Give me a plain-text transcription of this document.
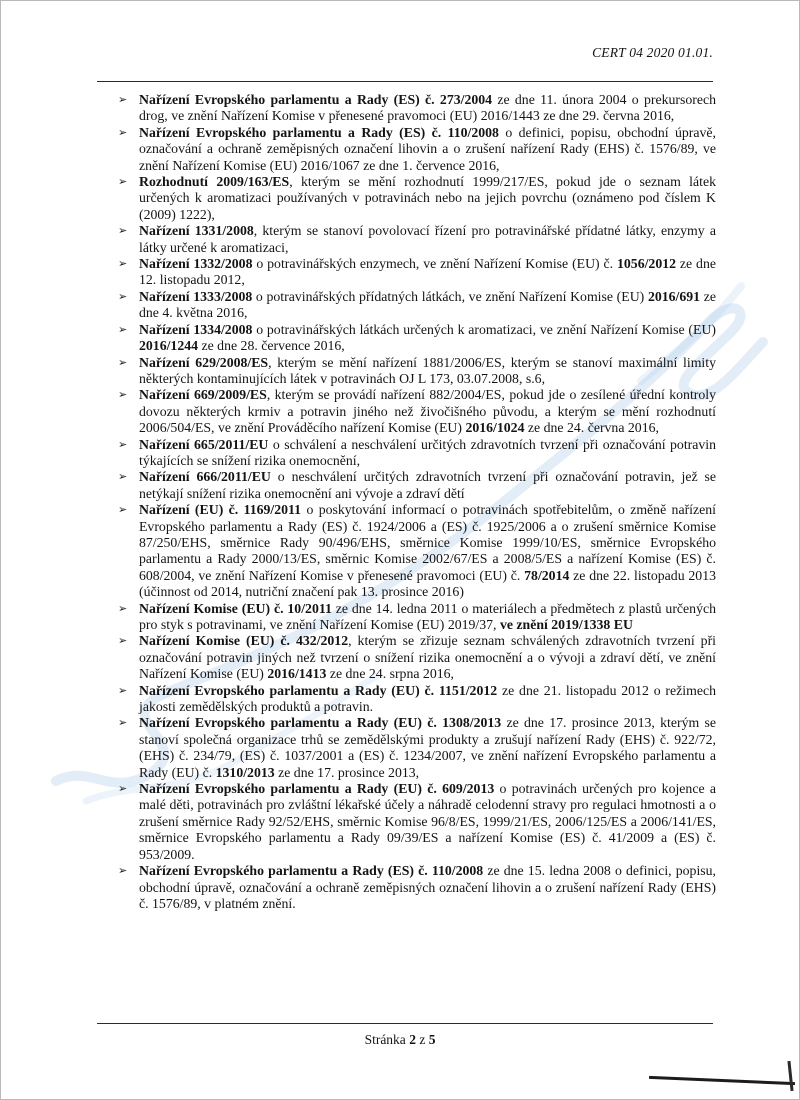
CERT 04 2020 01.01.
➢ Nařízení Evropského parlamentu a Rady (ES) č. 273/2004 ze dne 11. února 2004 o prekursorech drog, ve znění Nařízení Komise v přenesené pravomoci (EU) 2016/1443 ze dne 29. června 2016,
➢ Nařízení Evropského parlamentu a Rady (ES) č. 110/2008 o definici, popisu, obchodní úpravě, označování a ochraně zeměpisných označení lihovin a o zrušení nařízení Rady (EHS) č. 1576/89, ve znění Nařízení Komise (EU) 2016/1067 ze dne 1. července 2016,
➢ Rozhodnutí 2009/163/ES, kterým se mění rozhodnutí 1999/217/ES, pokud jde o seznam látek určených k aromatizaci používaných v potravinách nebo na jejich povrchu (oznámeno pod číslem K (2009) 1222),
➢ Nařízení 1331/2008, kterým se stanoví povolovací řízení pro potravinářské přídatné látky, enzymy a látky určené k aromatizaci,
➢ Nařízení 1332/2008 o potravinářských enzymech, ve znění Nařízení Komise (EU) č. 1056/2012 ze dne 12. listopadu 2012,
➢ Nařízení 1333/2008 o potravinářských přídatných látkách, ve znění Nařízení Komise (EU) 2016/691 ze dne 4. května 2016,
➢ Nařízení 1334/2008 o potravinářských látkách určených k aromatizaci, ve znění Nařízení Komise (EU) 2016/1244 ze dne 28. července 2016,
➢ Nařízení 629/2008/ES, kterým se mění nařízení 1881/2006/ES, kterým se stanoví maximální limity některých kontaminujících látek v potravinách OJ L 173, 03.07.2008, s.6,
➢ Nařízení 669/2009/ES, kterým se provádí nařízení 882/2004/ES, pokud jde o zesílené úřední kontroly dovozu některých krmiv a potravin jiného než živočišného původu, a kterým se mění rozhodnutí 2006/504/ES, ve znění Prováděcího nařízení Komise (EU) 2016/1024 ze dne 24. června 2016,
➢ Nařízení 665/2011/EU o schválení a neschválení určitých zdravotních tvrzení při označování potravin týkajících se snížení rizika onemocnění,
➢ Nařízení 666/2011/EU o neschválení určitých zdravotních tvrzení při označování potravin, jež se netýkají snížení rizika onemocnění ani vývoje a zdraví dětí
➢ Nařízení (EU) č. 1169/2011 o poskytování informací o potravinách spotřebitelům, o změně nařízení Evropského parlamentu a Rady (ES) č. 1924/2006 a (ES) č. 1925/2006 a o zrušení směrnice Komise 87/250/EHS, směrnice Rady 90/496/EHS, směrnice Komise 1999/10/ES, směrnice Evropského parlamentu a Rady 2000/13/ES, směrnic Komise 2002/67/ES a 2008/5/ES a nařízení Komise (ES) č. 608/2004, ve znění Nařízení Komise v přenesené pravomoci (EU) č. 78/2014 ze dne 22. listopadu 2013 (účinnost od 2014, nutriční značení pak 13. prosince 2016)
➢ Nařízení Komise (EU) č. 10/2011 ze dne 14. ledna 2011 o materiálech a předmětech z plastů určených pro styk s potravinami, ve znění Nařízení Komise (EU) 2019/37, ve znění 2019/1338 EU
➢ Nařízení Komise (EU) č. 432/2012, kterým se zřizuje seznam schválených zdravotních tvrzení při označování potravin jiných než tvrzení o snížení rizika onemocnění a o vývoji a zdraví dětí, ve znění Nařízení Komise (EU) 2016/1413 ze dne 24. srpna 2016,
➢ Nařízení Evropského parlamentu a Rady (EU) č. 1151/2012 ze dne 21. listopadu 2012 o režimech jakosti zemědělských produktů a potravin.
➢ Nařízení Evropského parlamentu a Rady (EU) č. 1308/2013 ze dne 17. prosince 2013, kterým se stanoví společná organizace trhů se zemědělskými produkty a zrušují nařízení Rady (EHS) č. 922/72, (EHS) č. 234/79, (ES) č. 1037/2001 a (ES) č. 1234/2007, ve znění nařízení Evropského parlamentu a Rady (EU) č. 1310/2013 ze dne 17. prosince 2013,
➢ Nařízení Evropského parlamentu a Rady (EU) č. 609/2013 o potravinách určených pro kojence a malé děti, potravinách pro zvláštní lékařské účely a náhradě celodenní stravy pro regulaci hmotnosti a o zrušení směrnice Rady 92/52/EHS, směrnic Komise 96/8/ES, 1999/21/ES, 2006/125/ES a 2006/141/ES, směrnice Evropského parlamentu a Rady 09/39/ES a nařízení Komise (ES) č. 41/2009 a (ES) č. 953/2009.
➢ Nařízení Evropského parlamentu a Rady (ES) č. 110/2008 ze dne 15. ledna 2008 o definici, popisu, obchodní úpravě, označování a ochraně zeměpisných označení lihovin a o zrušení nařízení Rady (EHS) č. 1576/89, v platném znění.
Stránka 2 z 5
